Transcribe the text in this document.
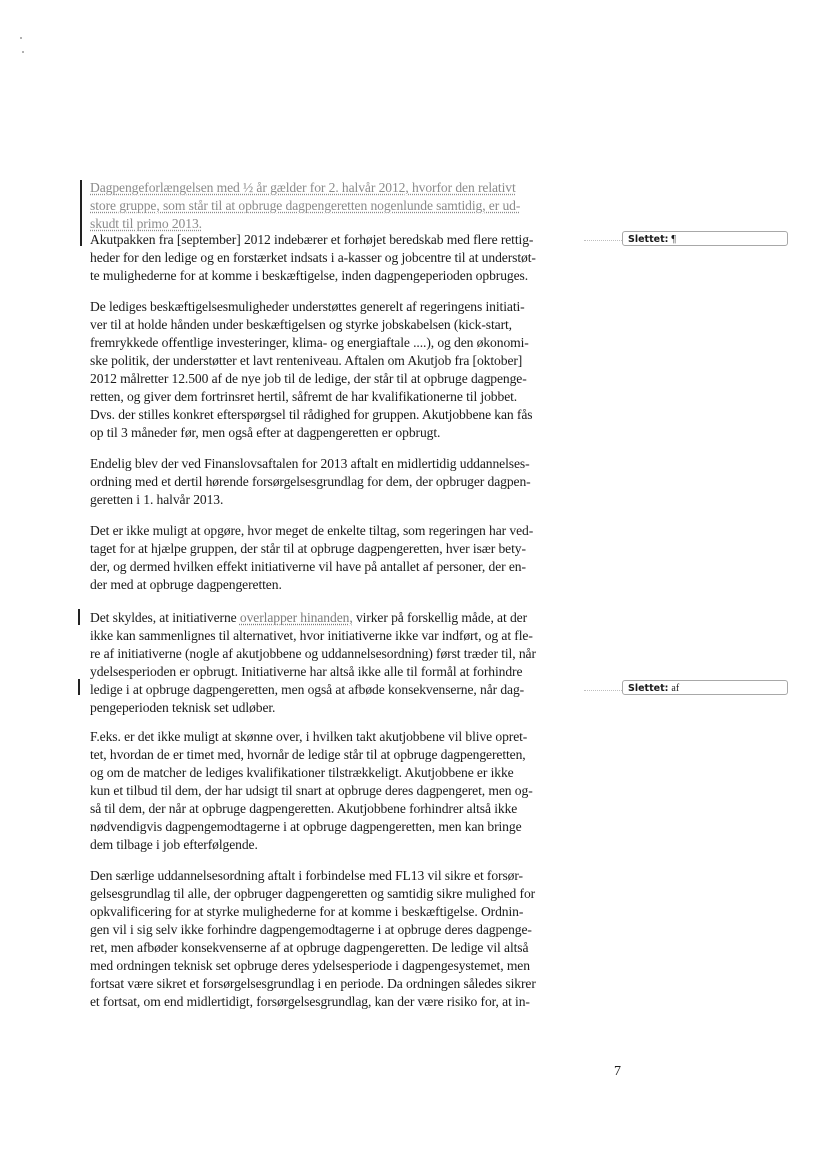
Dagpengeforlængelsen med ½ år gælder for 2. halvår 2012, hvorfor den relativt
store gruppe, som står til at opbruge dagpengeretten nogenlunde samtidig, er ud-
skudt til primo 2013.

Akutpakken fra [september] 2012 indebærer et forhøjet beredskab med flere rettig-
heder for den ledige og en forstærket indsats i a-kasser og jobcentre til at understøt-
te mulighederne for at komme i beskæftigelse, inden dagpengeperioden opbruges.

De lediges beskæftigelsesmuligheder understøttes generelt af regeringens initiati-
ver til at holde hånden under beskæftigelsen og styrke jobskabelsen (kick-start,
fremrykkede offentlige investeringer, klima- og energiaftale ....), og den økonomi-
ske politik, der understøtter et lavt renteniveau. Aftalen om Akutjob fra [oktober]
2012 målretter 12.500 af de nye job til de ledige, der står til at opbruge dagpenge-
retten, og giver dem fortrinsret hertil, såfremt de har kvalifikationerne til jobbet.
Dvs. der stilles konkret efterspørgsel til rådighed for gruppen. Akutjobbene kan fås
op til 3 måneder før, men også efter at dagpengeretten er opbrugt.

Endelig blev der ved Finanslovsaftalen for 2013 aftalt en midlertidig uddannelses-
ordning med et dertil hørende forsørgelsesgrundlag for dem, der opbruger dagpen-
geretten i 1. halvår 2013.

Det er ikke muligt at opgøre, hvor meget de enkelte tiltag, som regeringen har ved-
taget for at hjælpe gruppen, der står til at opbruge dagpengeretten, hver især bety-
der, og dermed hvilken effekt initiativerne vil have på antallet af personer, der en-
der med at opbruge dagpengeretten.

Det skyldes, at initiativerne overlapper hinanden, virker på forskellig måde, at der
ikke kan sammenlignes til alternativet, hvor initiativerne ikke var indført, og at fle-
re af initiativerne (nogle af akutjobbene og uddannelsesordning) først træder til, når
ydelsesperioden er opbrugt. Initiativerne har altså ikke alle til formål at forhindre
ledige i at opbruge dagpengeretten, men også at afbøde konsekvenserne, når dag-
pengeperioden teknisk set udløber.

F.eks. er det ikke muligt at skønne over, i hvilken takt akutjobbene vil blive opret-
tet, hvordan de er timet med, hvornår de ledige står til at opbruge dagpengeretten,
og om de matcher de lediges kvalifikationer tilstrækkeligt. Akutjobbene er ikke
kun et tilbud til dem, der har udsigt til snart at opbruge deres dagpengeret, men og-
så til dem, der når at opbruge dagpengeretten. Akutjobbene forhindrer altså ikke
nødvendigvis dagpengemodtagerne i at opbruge dagpengeretten, men kan bringe
dem tilbage i job efterfølgende.

Den særlige uddannelsesordning aftalt i forbindelse med FL13 vil sikre et forsør-
gelsesgrundlag til alle, der opbruger dagpengeretten og samtidig sikre mulighed for
opkvalificering for at styrke mulighederne for at komme i beskæftigelse. Ordnin-
gen vil i sig selv ikke forhindre dagpengemodtagerne i at opbruge deres dagpenge-
ret, men afbøder konsekvenserne af at opbruge dagpengeretten. De ledige vil altså
med ordningen teknisk set opbruge deres ydelsesperiode i dagpengesystemet, men
fortsat være sikret et forsørgelsesgrundlag i en periode. Da ordningen således sikrer
et fortsat, om end midlertidigt, forsørgelsesgrundlag, kan der være risiko for, at in-

Slettet: ¶
Slettet: af
7
